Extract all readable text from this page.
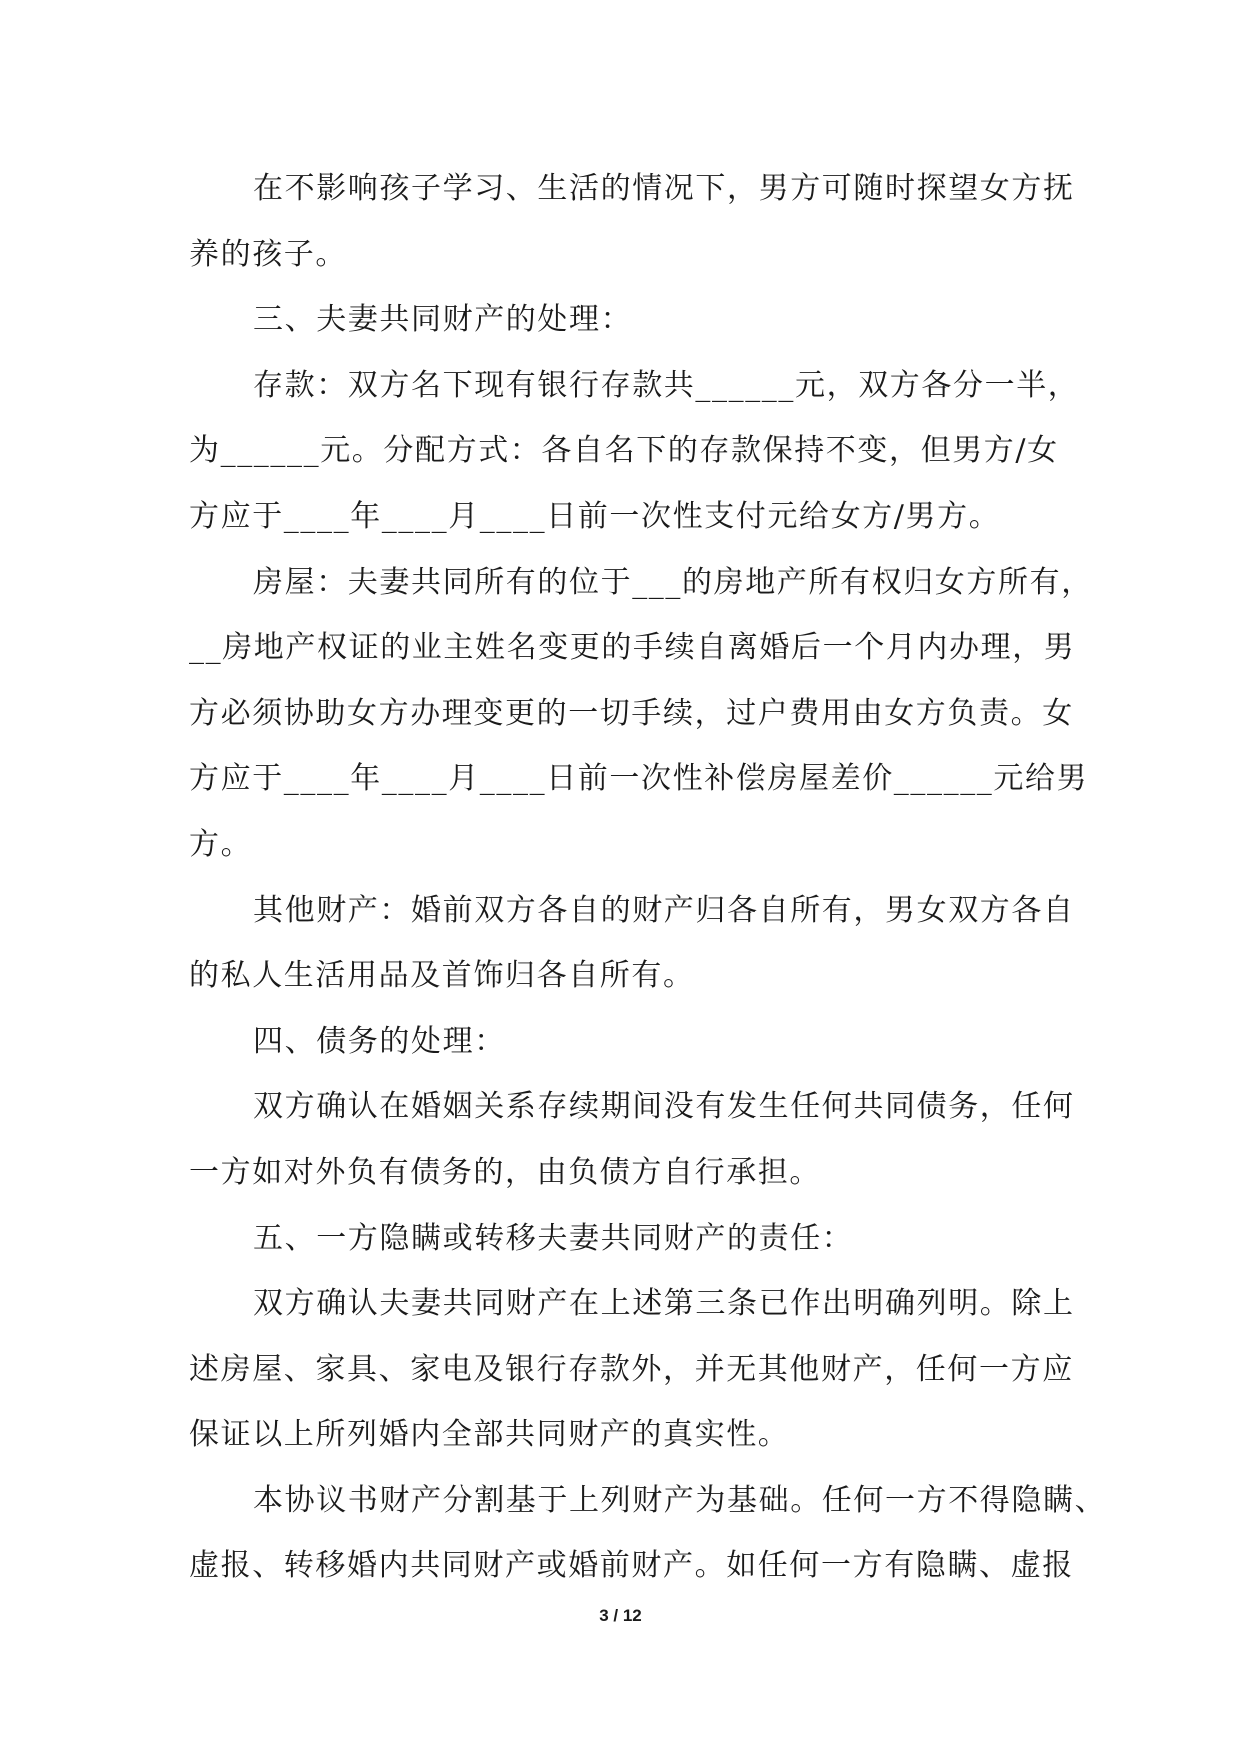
在不影响孩子学习、生活的情况下，男方可随时探望女方抚
养的孩子。
三、夫妻共同财产的处理：
存款：双方名下现有银行存款共______元，双方各分一半，
为______元。分配方式：各自名下的存款保持不变，但男方/女
方应于____年____月____日前一次性支付元给女方/男方。
房屋：夫妻共同所有的位于___的房地产所有权归女方所有，
__房地产权证的业主姓名变更的手续自离婚后一个月内办理，男
方必须协助女方办理变更的一切手续，过户费用由女方负责。女
方应于____年____月____日前一次性补偿房屋差价______元给男
方。
其他财产：婚前双方各自的财产归各自所有，男女双方各自
的私人生活用品及首饰归各自所有。
四、债务的处理：
双方确认在婚姻关系存续期间没有发生任何共同债务，任何
一方如对外负有债务的，由负债方自行承担。
五、一方隐瞒或转移夫妻共同财产的责任：
双方确认夫妻共同财产在上述第三条已作出明确列明。除上
述房屋、家具、家电及银行存款外，并无其他财产，任何一方应
保证以上所列婚内全部共同财产的真实性。
本协议书财产分割基于上列财产为基础。任何一方不得隐瞒、
虚报、转移婚内共同财产或婚前财产。如任何一方有隐瞒、虚报
3 / 12
